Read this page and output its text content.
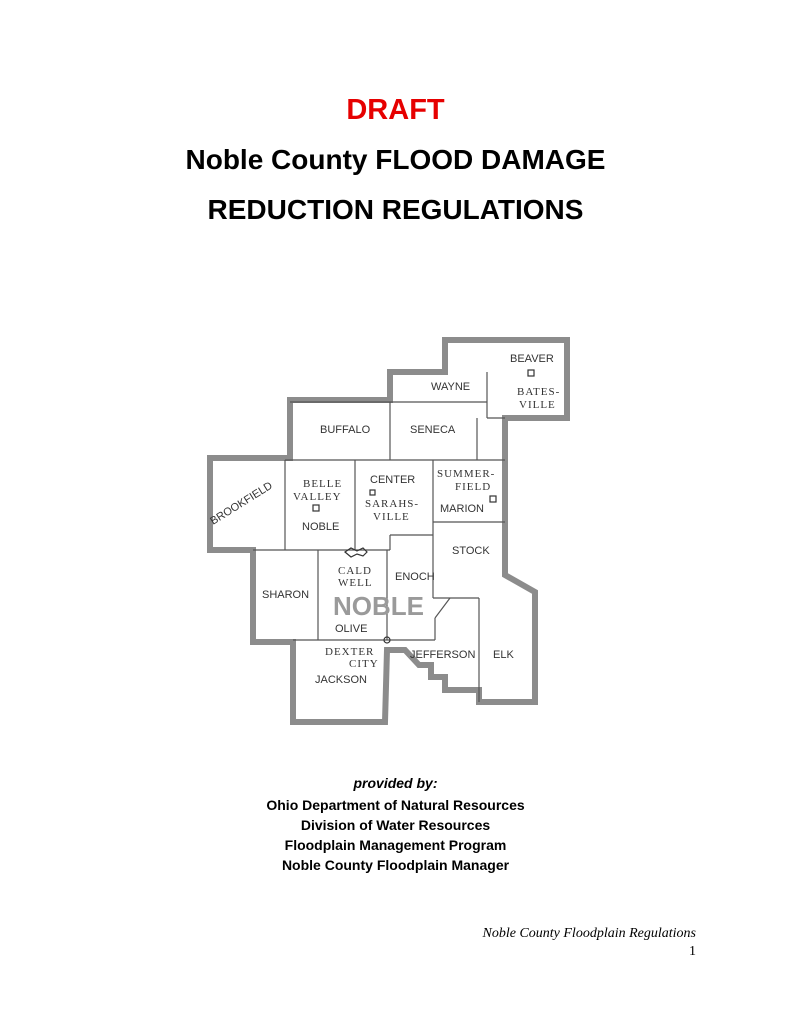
DRAFT
Noble County FLOOD DAMAGE
REDUCTION REGULATIONS
BEAVER
BATES-
VILLE
WAYNE
BUFFALO	SENECA
BROOKFIELD	BELLE
VALLEY
NOBLE
CENTER
SARAHS-
VILLE
SUMMER-
FIELD
MARION
STOCK
CALD
WELL ENOCH
SHARON NOBLE
OLIVE
DEXTER
CITY
JACKSON
JEFFERSON ELK
provided by:
Ohio Department of Natural Resources
Division of Water Resources
Floodplain Management Program
Noble County Floodplain Manager
Noble County Floodplain Regulations
1
